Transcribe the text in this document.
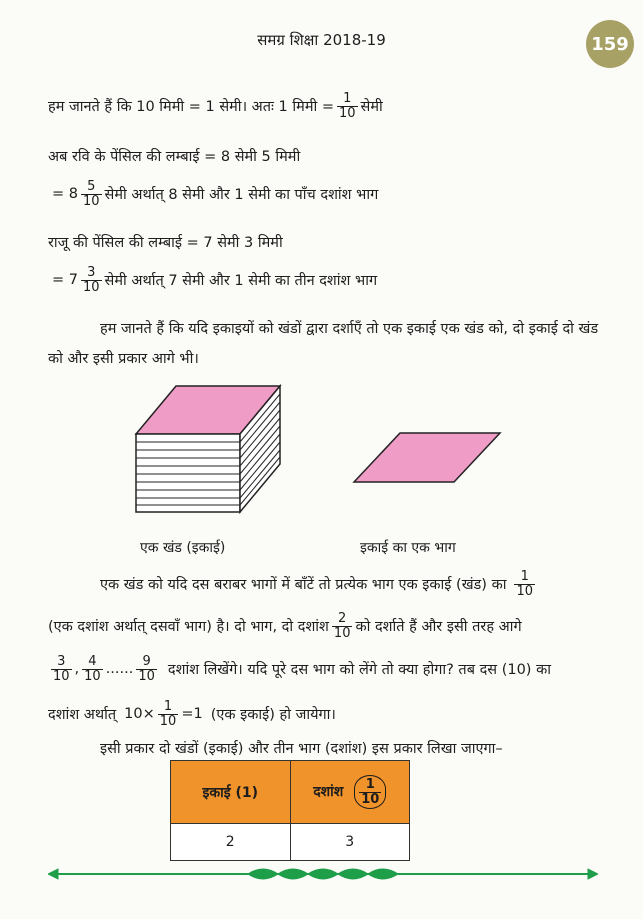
समग्र शिक्षा 2018-19	159
हम जानते हैं कि 10 मिमी = 1 सेमी। अतः 1 मिमी = $\frac{1}{10}$ सेमी
अब रवि के पेंसिल की लम्बाई = 8 सेमी 5 मिमी
= $8 \frac{5}{10}$ सेमी अर्थात् 8 सेमी और 1 सेमी का पाँच दशांश भाग
राजू की पेंसिल की लम्बाई = 7 सेमी 3 मिमी
= $7 \frac{3}{10}$ सेमी अर्थात् 7 सेमी और 1 सेमी का तीन दशांश भाग
हम जानते हैं कि यदि इकाइयों को खंडों द्वारा दर्शाएँ तो एक इकाई एक खंड को, दो इकाई दो खंड को और इसी प्रकार आगे भी।
एक खंड (इकाई)	इकाई का एक भाग
एक खंड को यदि दस बराबर भागों में बाँटें तो प्रत्येक भाग एक इकाई (खंड) का $\frac{1}{10}$
(एक दशांश अर्थात् दसवाँ भाग) है। दो भाग, दो दशांश $\frac{2}{10}$ को दर्शाते हैं और इसी तरह आगे
$\frac{3}{10}$ , $\frac{4}{10}$ ...... $\frac{9}{10}$ दशांश लिखेंगे। यदि पूरे दस भाग को लेंगे तो क्या होगा? तब दस (10) का
दशांश अर्थात् $10\times \frac{1}{10} =1$ (एक इकाई) हो जायेगा।
इसी प्रकार दो खंडों (इकाई) और तीन भाग (दशांश) इस प्रकार लिखा जाएगा–
इकाई (1)	दशांश $\frac{1}{10}$

2	3
